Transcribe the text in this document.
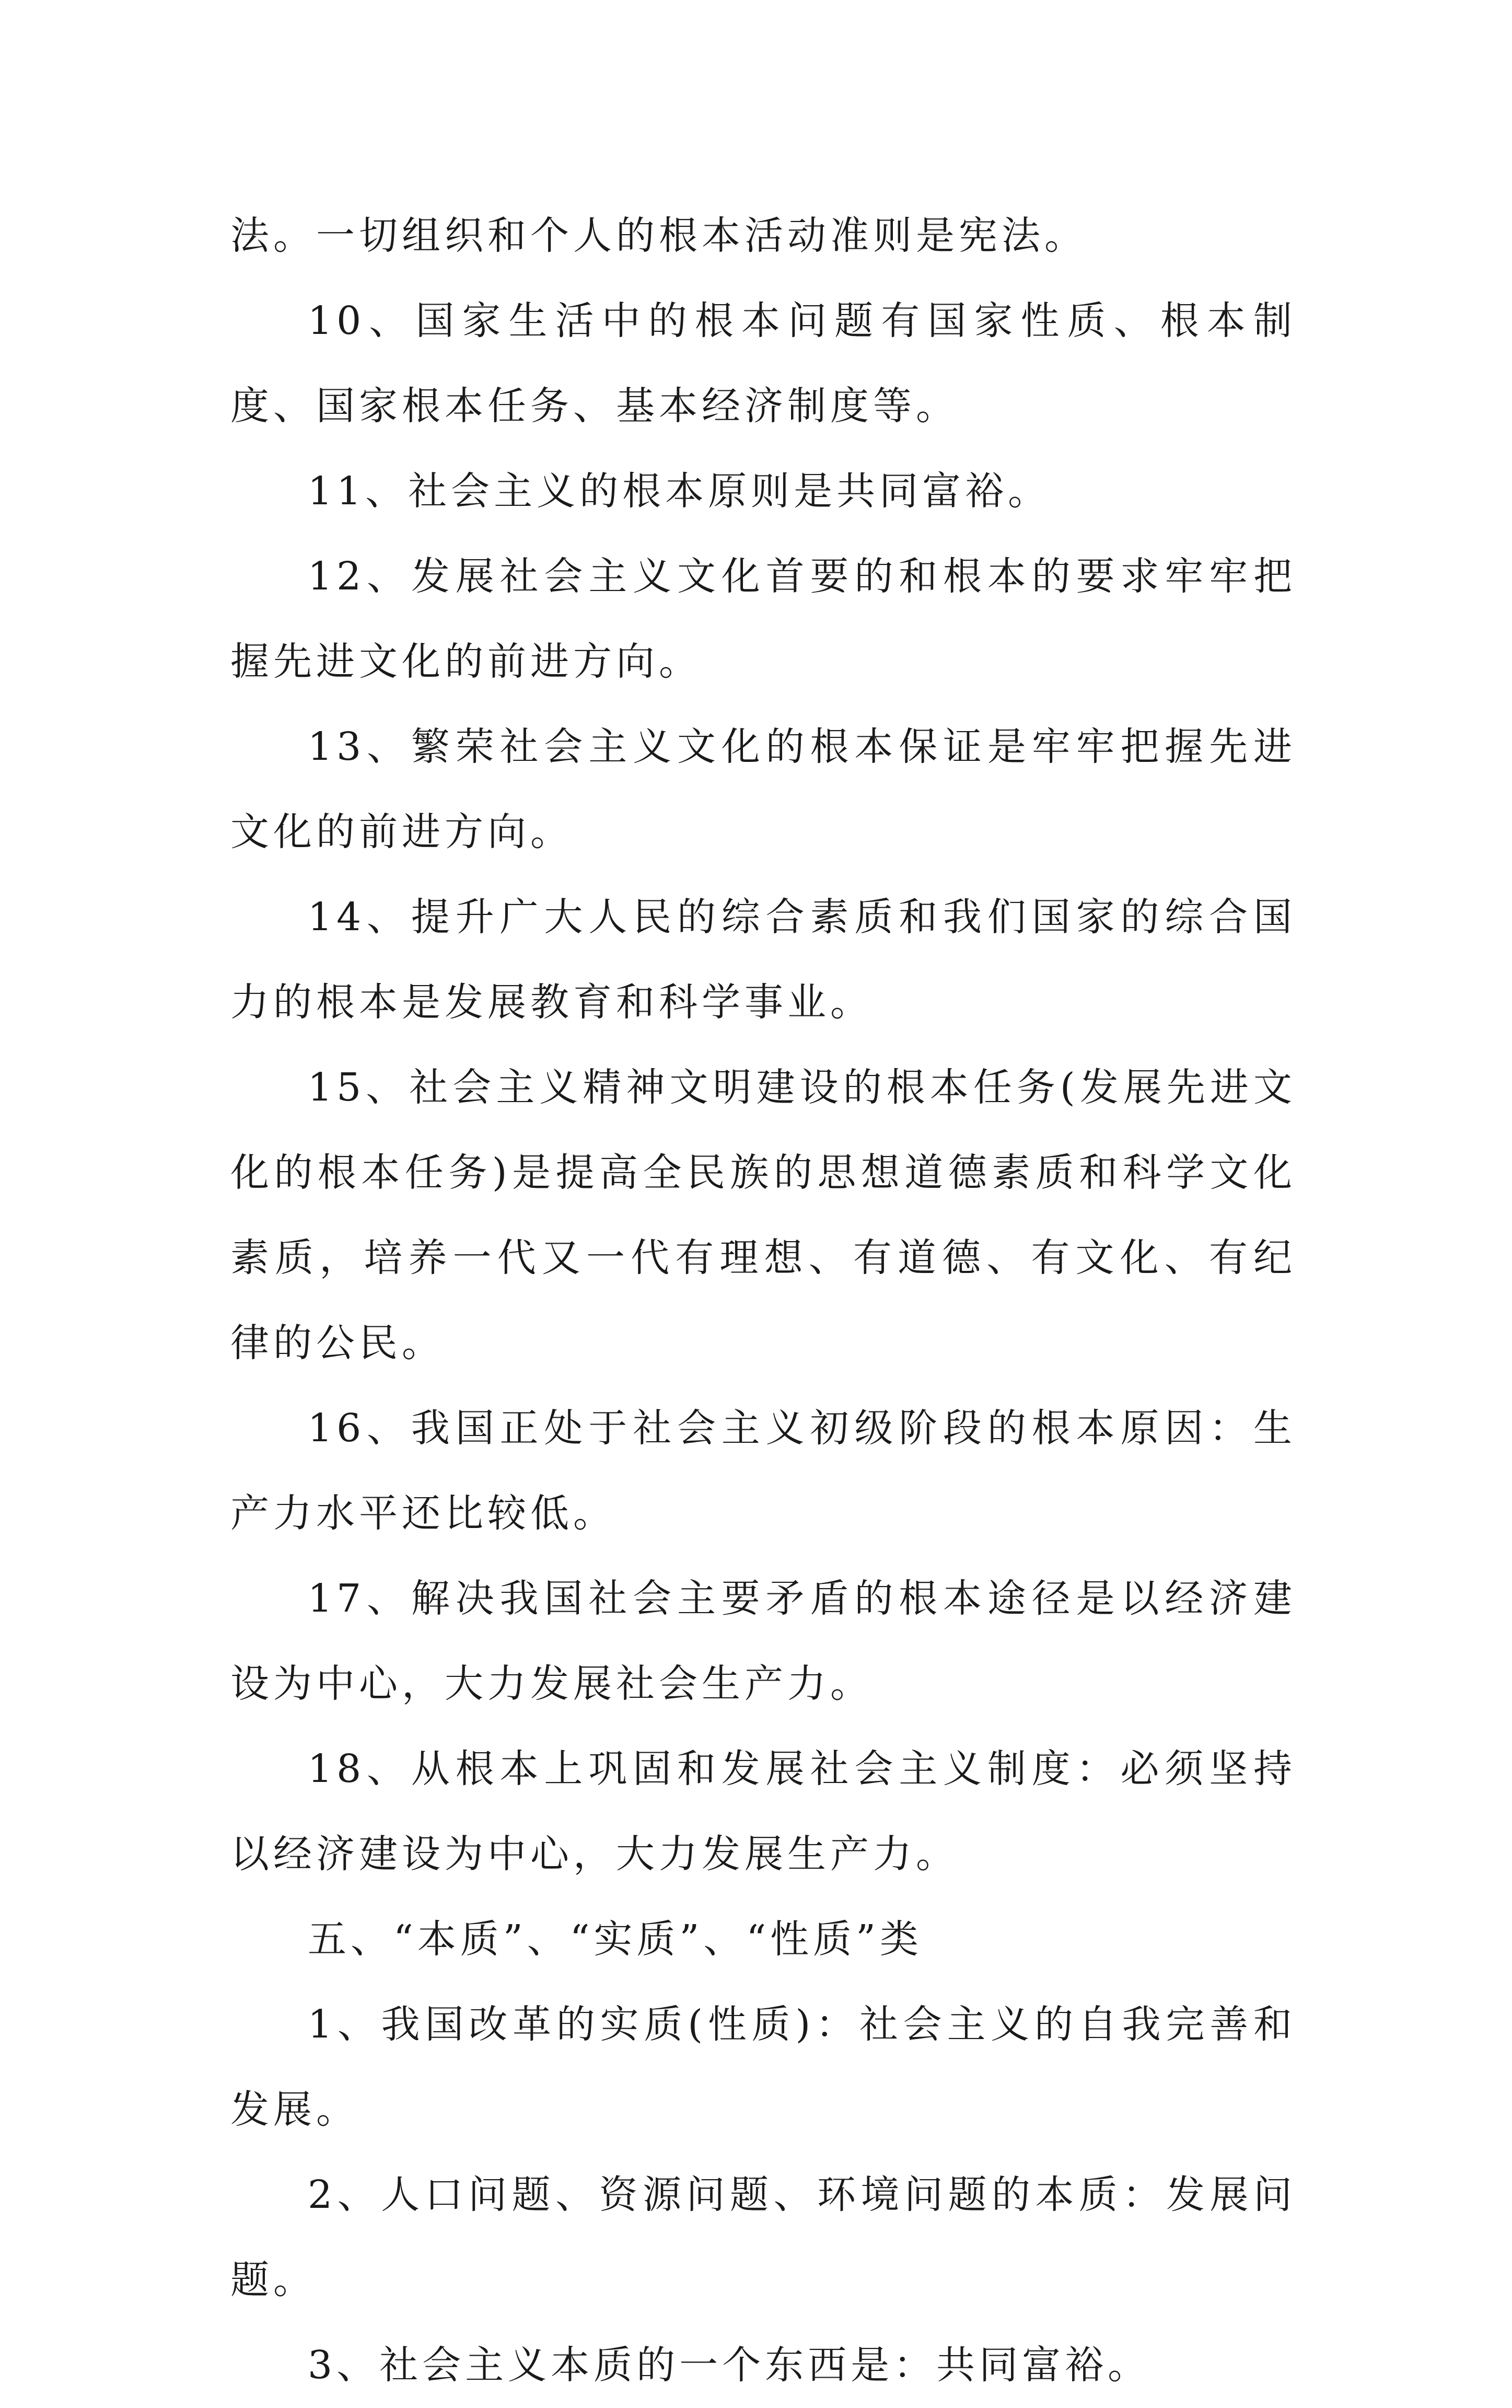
法。一切组织和个人的根本活动准则是宪法。

10、国家生活中的根本问题有国家性质、根本制度、国家根本任务、基本经济制度等。

11、社会主义的根本原则是共同富裕。

12、发展社会主义文化首要的和根本的要求牢牢把握先进文化的前进方向。

13、繁荣社会主义文化的根本保证是牢牢把握先进文化的前进方向。

14、提升广大人民的综合素质和我们国家的综合国力的根本是发展教育和科学事业。

15、社会主义精神文明建设的根本任务(发展先进文化的根本任务)是提高全民族的思想道德素质和科学文化素质，培养一代又一代有理想、有道德、有文化、有纪律的公民。

16、我国正处于社会主义初级阶段的根本原因：生产力水平还比较低。

17、解决我国社会主要矛盾的根本途径是以经济建设为中心，大力发展社会生产力。

18、从根本上巩固和发展社会主义制度：必须坚持以经济建设为中心，大力发展生产力。

五、“本质”、“实质”、“性质”类

1、我国改革的实质(性质)：社会主义的自我完善和发展。

2、人口问题、资源问题、环境问题的本质：发展问题。

3、社会主义本质的一个东西是：共同富裕。
